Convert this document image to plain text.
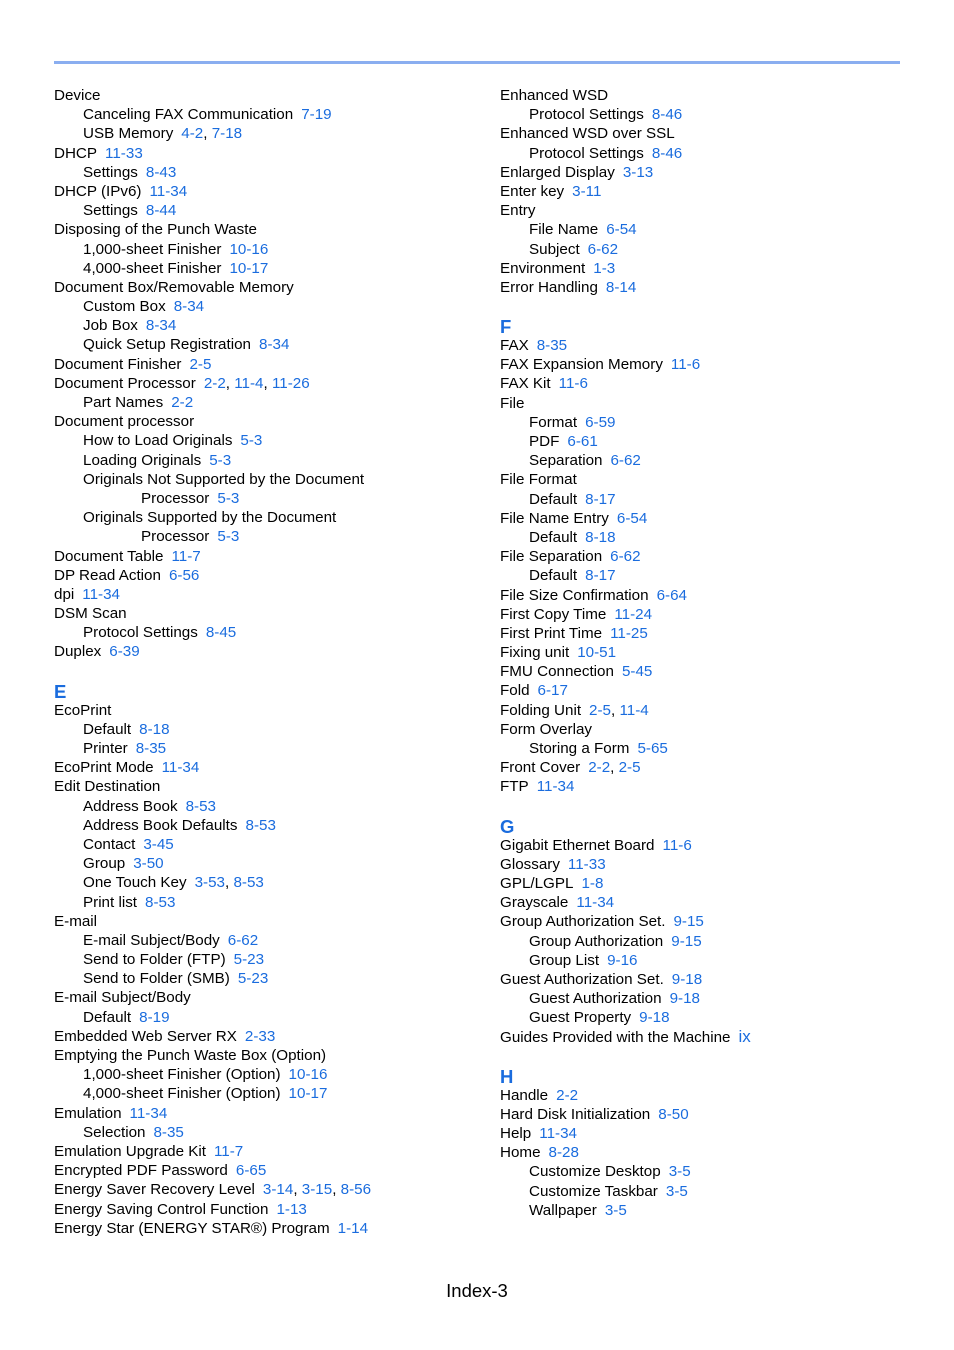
Device
Canceling FAX Communication 7-19
USB Memory 4-2, 7-18
DHCP 11-33
Settings 8-43
DHCP (IPv6) 11-34
Settings 8-44
Disposing of the Punch Waste
1,000-sheet Finisher 10-16
4,000-sheet Finisher 10-17
Document Box/Removable Memory
Custom Box 8-34
Job Box 8-34
Quick Setup Registration 8-34
Document Finisher 2-5
Document Processor 2-2, 11-4, 11-26
Part Names 2-2
Document processor
How to Load Originals 5-3
Loading Originals 5-3
Originals Not Supported by the Document
Processor 5-3
Originals Supported by the Document
Processor 5-3
Document Table 11-7
DP Read Action 6-56
dpi 11-34
DSM Scan
Protocol Settings 8-45
Duplex 6-39
E
EcoPrint
Default 8-18
Printer 8-35
EcoPrint Mode 11-34
Edit Destination
Address Book 8-53
Address Book Defaults 8-53
Contact 3-45
Group 3-50
One Touch Key 3-53, 8-53
Print list 8-53
E-mail
E-mail Subject/Body 6-62
Send to Folder (FTP) 5-23
Send to Folder (SMB) 5-23
E-mail Subject/Body
Default 8-19
Embedded Web Server RX 2-33
Emptying the Punch Waste Box (Option)
1,000-sheet Finisher (Option) 10-16
4,000-sheet Finisher (Option) 10-17
Emulation 11-34
Selection 8-35
Emulation Upgrade Kit 11-7
Encrypted PDF Password 6-65
Energy Saver Recovery Level 3-14, 3-15, 8-56
Energy Saving Control Function 1-13
Energy Star (ENERGY STAR®) Program 1-14
Enhanced WSD
Protocol Settings 8-46
Enhanced WSD over SSL
Protocol Settings 8-46
Enlarged Display 3-13
Enter key 3-11
Entry
File Name 6-54
Subject 6-62
Environment 1-3
Error Handling 8-14
F
FAX 8-35
FAX Expansion Memory 11-6
FAX Kit 11-6
File
Format 6-59
PDF 6-61
Separation 6-62
File Format
Default 8-17
File Name Entry 6-54
Default 8-18
File Separation 6-62
Default 8-17
File Size Confirmation 6-64
First Copy Time 11-24
First Print Time 11-25
Fixing unit 10-51
FMU Connection 5-45
Fold 6-17
Folding Unit 2-5, 11-4
Form Overlay
Storing a Form 5-65
Front Cover 2-2, 2-5
FTP 11-34
G
Gigabit Ethernet Board 11-6
Glossary 11-33
GPL/LGPL 1-8
Grayscale 11-34
Group Authorization Set. 9-15
Group Authorization 9-15
Group List 9-16
Guest Authorization Set. 9-18
Guest Authorization 9-18
Guest Property 9-18
Guides Provided with the Machine ix
H
Handle 2-2
Hard Disk Initialization 8-50
Help 11-34
Home 8-28
Customize Desktop 3-5
Customize Taskbar 3-5
Wallpaper 3-5
Index-3
